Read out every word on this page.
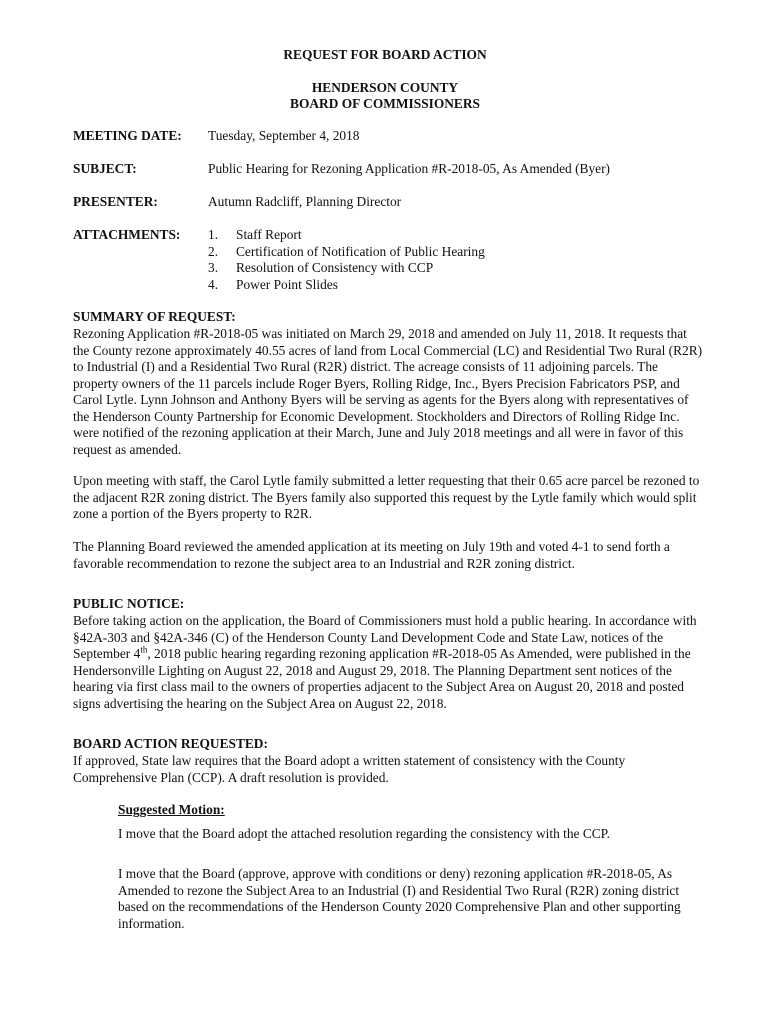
REQUEST FOR BOARD ACTION
HENDERSON COUNTY
BOARD OF COMMISSIONERS
MEETING DATE: Tuesday, September 4, 2018
SUBJECT:	Public Hearing for Rezoning Application #R-2018-05, As Amended (Byer)
PRESENTER:	Autumn Radcliff, Planning Director
ATTACHMENTS: 1. Staff Report
2. Certification of Notification of Public Hearing
3. Resolution of Consistency with CCP
4. Power Point Slides
SUMMARY OF REQUEST:
Rezoning Application #R-2018-05 was initiated on March 29, 2018 and amended on July 11, 2018. It requests that the County rezone approximately 40.55 acres of land from Local Commercial (LC) and Residential Two Rural (R2R) to Industrial (I) and a Residential Two Rural (R2R) district. The acreage consists of 11 adjoining parcels. The property owners of the 11 parcels include Roger Byers, Rolling Ridge, Inc., Byers Precision Fabricators PSP, and Carol Lytle. Lynn Johnson and Anthony Byers will be serving as agents for the Byers along with representatives of the Henderson County Partnership for Economic Development. Stockholders and Directors of Rolling Ridge Inc. were notified of the rezoning application at their March, June and July 2018 meetings and all were in favor of this request as amended.
Upon meeting with staff, the Carol Lytle family submitted a letter requesting that their 0.65 acre parcel be rezoned to the adjacent R2R zoning district. The Byers family also supported this request by the Lytle family which would split zone a portion of the Byers property to R2R.
The Planning Board reviewed the amended application at its meeting on July 19th and voted 4-1 to send forth a favorable recommendation to rezone the subject area to an Industrial and R2R zoning district.
PUBLIC NOTICE:
Before taking action on the application, the Board of Commissioners must hold a public hearing. In accordance with §42A-303 and §42A-346 (C) of the Henderson County Land Development Code and State Law, notices of the September 4th, 2018 public hearing regarding rezoning application #R-2018-05 As Amended, were published in the Hendersonville Lighting on August 22, 2018 and August 29, 2018. The Planning Department sent notices of the hearing via first class mail to the owners of properties adjacent to the Subject Area on August 20, 2018 and posted signs advertising the hearing on the Subject Area on August 22, 2018.
BOARD ACTION REQUESTED:
If approved, State law requires that the Board adopt a written statement of consistency with the County Comprehensive Plan (CCP). A draft resolution is provided.
Suggested Motion:
I move that the Board adopt the attached resolution regarding the consistency with the CCP.
I move that the Board (approve, approve with conditions or deny) rezoning application #R-2018-05, As Amended to rezone the Subject Area to an Industrial (I) and Residential Two Rural (R2R) zoning district based on the recommendations of the Henderson County 2020 Comprehensive Plan and other supporting information.
